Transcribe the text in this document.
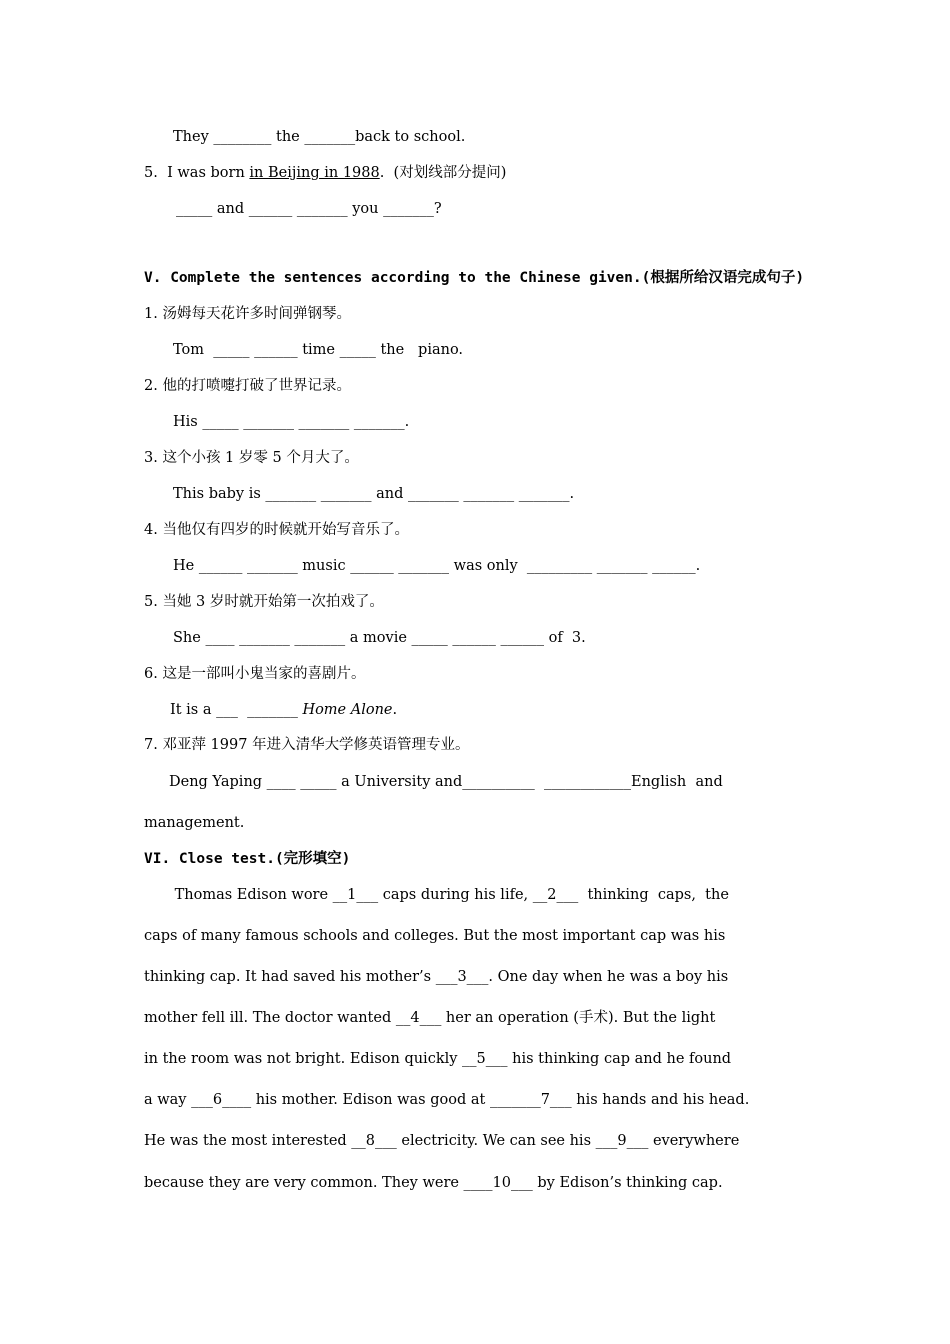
They ________ the _______back to school.
5. I was born in Beijing in 1988.  (对划线部分提问)
_____ and ______ _______ you _______?
V. Complete the sentences according to the Chinese given.(根据所给汉语完成句子)
1. 汤姆每天花许多时间弹钢琴。
Tom  _____ ______ time _____ the   piano.
2. 他的打喷嚏打破了世界记录。
His _____ _______ _______ _______.
3. 这个小孩 1 岁零 5 个月大了。
This baby is _______ _______ and _______ _______ _______.
4. 当他仅有四岁的时候就开始写音乐了。
He ______ _______ music ______ _______ was only  _________ _______ ______.
5. 当她 3 岁时就开始第一次拍戏了。
She ____ _______ _______ a movie _____ ______ ______ of  3.
6. 这是一部叫小鬼当家的喜剧片。
It is a ___  _______ Home Alone.
7. 邓亚萍 1997 年进入清华大学修英语管理专业。
Deng Yaping ____ _____ a University and__________  ____________English  and
management.
VI. Close test.(完形填空)
Thomas Edison wore __1___ caps during his life, __2___  thinking  caps,  the
caps of many famous schools and colleges. But the most important cap was his
thinking cap. It had saved his mother’s ___3___. One day when he was a boy his
mother fell ill. The doctor wanted __4___ her an operation (手术). But the light
in the room was not bright. Edison quickly __5___ his thinking cap and he found
a way ___6____ his mother. Edison was good at _______7___ his hands and his head.
He was the most interested __8___ electricity. We can see his ___9___ everywhere
because they are very common. They were ____10___ by Edison’s thinking cap.
